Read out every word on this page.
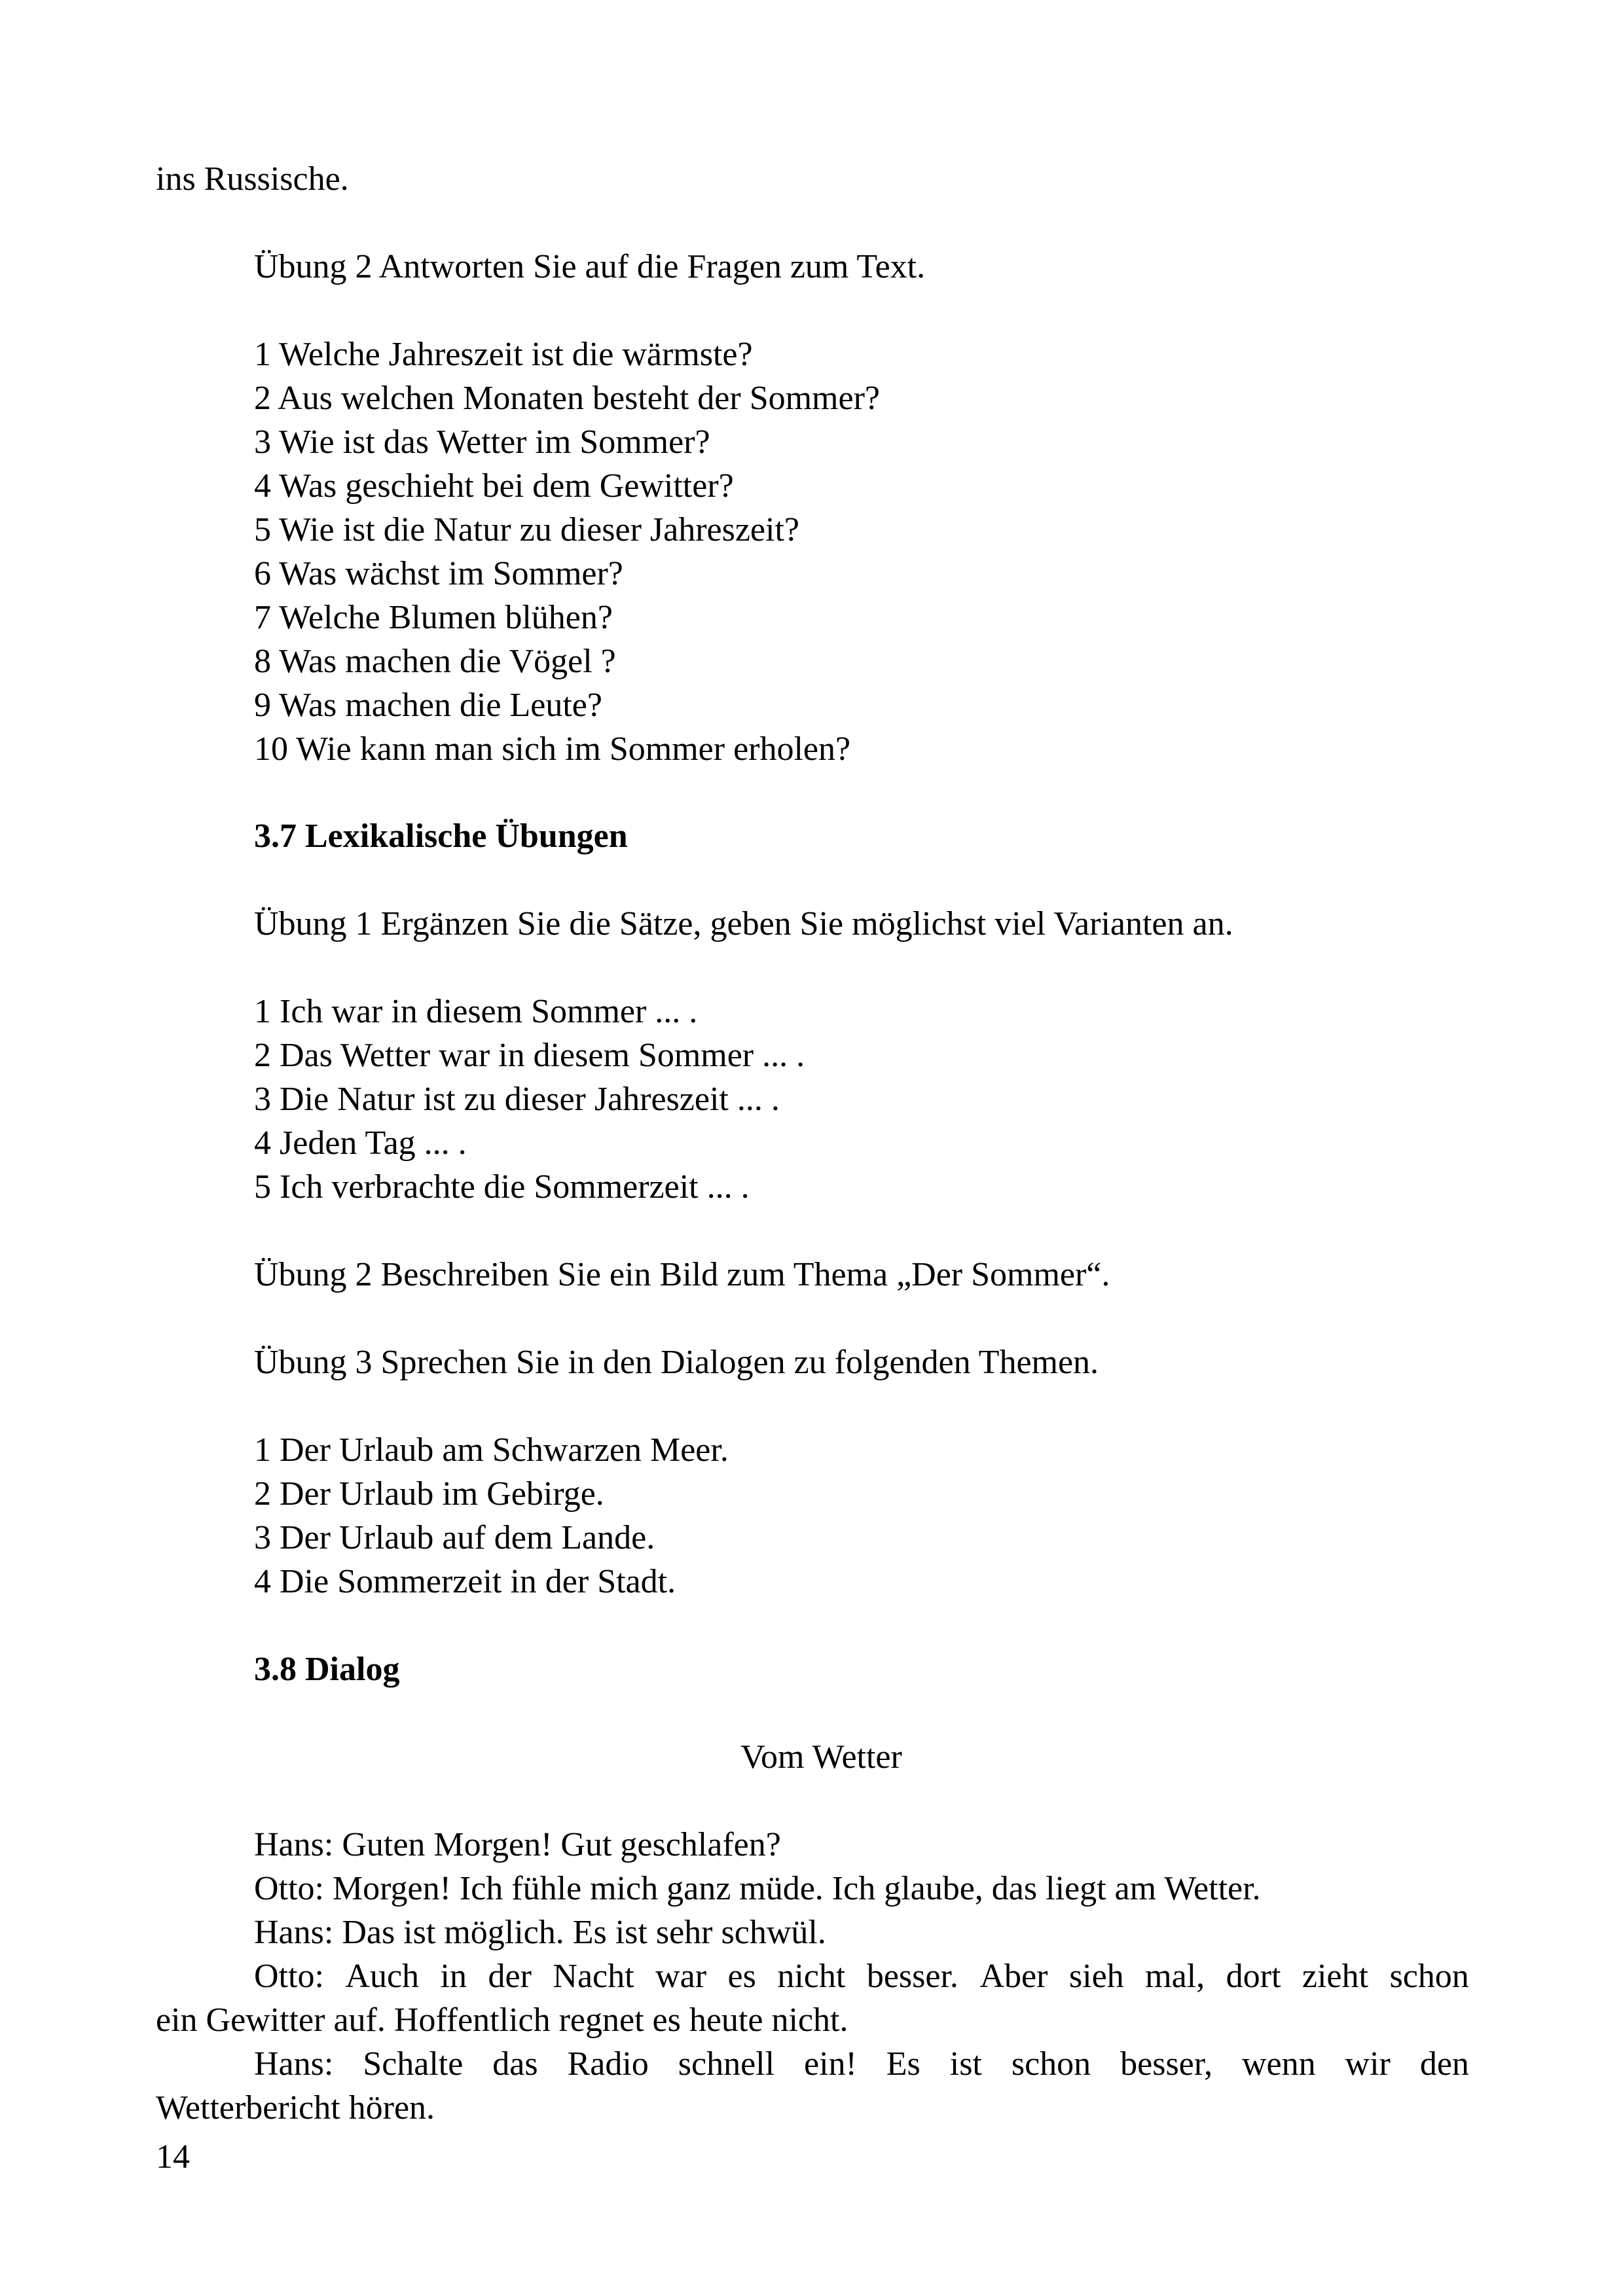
ins Russische.

Übung 2 Antworten Sie auf die Fragen zum Text.

1 Welche Jahreszeit ist die wärmste?

2 Aus welchen Monaten besteht der Sommer?

3 Wie ist das Wetter im Sommer?

4 Was geschieht bei dem Gewitter?

5 Wie ist die Natur zu dieser Jahreszeit?

6 Was wächst im Sommer?

7 Welche Blumen blühen?

8 Was machen die Vögel ?

9 Was machen die Leute?

10 Wie kann man sich im Sommer erholen?

3.7 Lexikalische Übungen

Übung 1 Ergänzen Sie die Sätze, geben Sie möglichst viel Varianten an.

1 Ich war in diesem Sommer ... .

2 Das Wetter war in diesem Sommer ... .

3 Die Natur ist zu dieser Jahreszeit ... .

4 Jeden Tag ... .

5 Ich verbrachte die Sommerzeit ... .

Übung 2 Beschreiben Sie ein Bild zum Thema „Der Sommer“.

Übung 3 Sprechen Sie in den Dialogen zu folgenden Themen.

1 Der Urlaub am Schwarzen Meer.

2 Der Urlaub im Gebirge.

3 Der Urlaub auf dem Lande.

4 Die Sommerzeit in der Stadt.

3.8 Dialog

Vom Wetter

Hans: Guten Morgen! Gut geschlafen?

Otto: Morgen! Ich fühle mich ganz müde. Ich glaube, das liegt am Wetter.

Hans: Das ist möglich. Es ist sehr schwül.

Otto: Auch in der Nacht war es nicht besser. Aber sieh mal, dort zieht schon

ein Gewitter auf. Hoffentlich regnet es heute nicht.

Hans: Schalte das Radio schnell ein! Es ist schon besser, wenn wir den

Wetterbericht hören.

14
